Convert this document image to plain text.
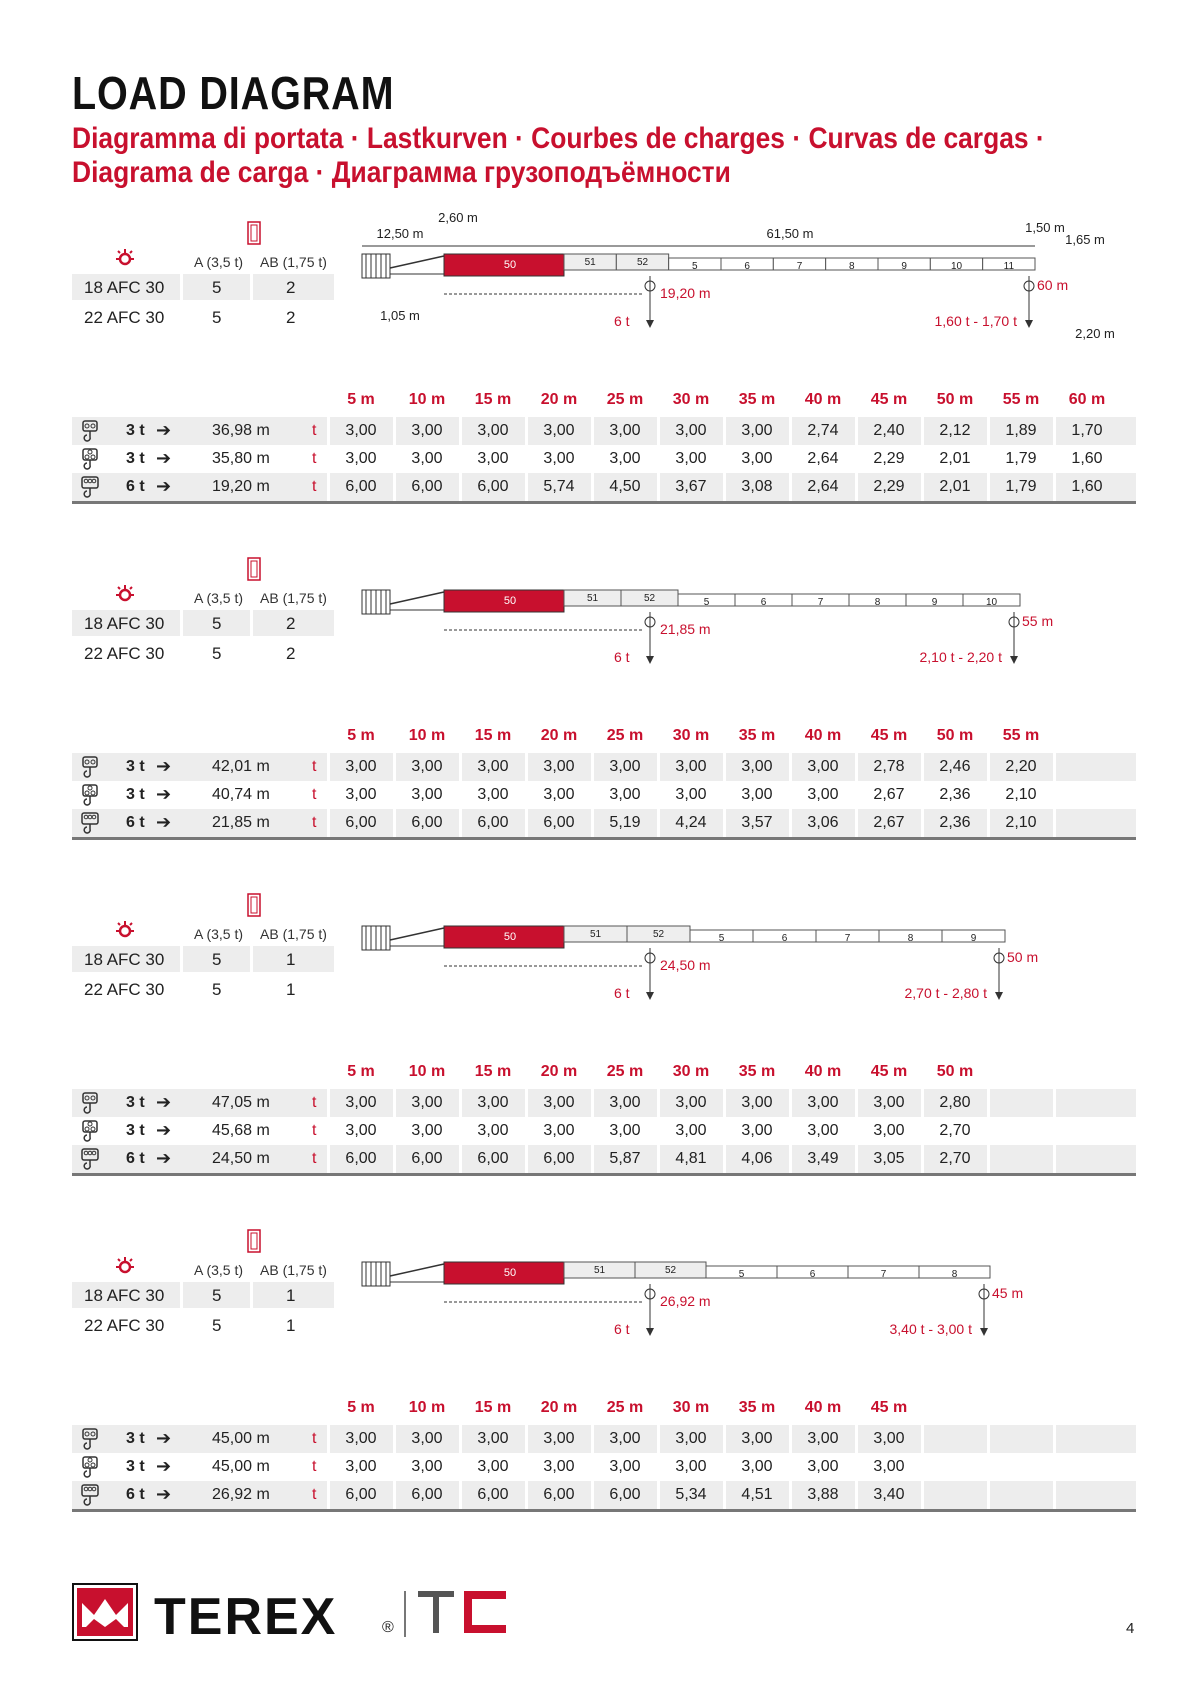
LOAD DIAGRAM
Diagramma di portata · Lastkurven · Courbes de charges · Curvas de cargas ·
Diagrama de carga · Диаграмма грузоподъёмности
A (3,5 t) AB (1,75 t)
18 AFC 30	5	2
22 AFC 30	5	2
50	51	52	5	6	7	8	9	10	11
19,20 m
6 t
60 m
1,60 t - 1,70 t
12,50 m
2,60 m
61,50 m	1,50 m
1,65 m
1,05 m
2,20 m
5 m	10 m	15 m	20 m	25 m	30 m	35 m	40 m	45 m	50 m	55 m	60 m
3 t ➔	36,98 m	t	3,00	3,00	3,00	3,00	3,00	3,00	3,00	2,74	2,40	2,12	1,89	1,70
3 t ➔	35,80 m	t	3,00	3,00	3,00	3,00	3,00	3,00	3,00	2,64	2,29	2,01	1,79	1,60
6 t ➔	19,20 m	t	6,00	6,00	6,00	5,74	4,50	3,67	3,08	2,64	2,29	2,01	1,79	1,60
A (3,5 t) AB (1,75 t)
18 AFC 30	5	2
22 AFC 30	5	2
50	51	52	5	6	7	8	9	10
21,85 m
6 t
55 m
2,10 t - 2,20 t
5 m	10 m	15 m	20 m	25 m	30 m	35 m	40 m	45 m	50 m	55 m
3 t ➔	42,01 m	t	3,00	3,00	3,00	3,00	3,00	3,00	3,00	3,00	2,78	2,46	2,20
3 t ➔	40,74 m	t	3,00	3,00	3,00	3,00	3,00	3,00	3,00	3,00	2,67	2,36	2,10
6 t ➔	21,85 m	t	6,00	6,00	6,00	6,00	5,19	4,24	3,57	3,06	2,67	2,36	2,10
A (3,5 t) AB (1,75 t)
18 AFC 30	5	1
22 AFC 30	5	1
50	51	52	5	6	7	8	9
24,50 m
6 t
50 m
2,70 t - 2,80 t
5 m	10 m	15 m	20 m	25 m	30 m	35 m	40 m	45 m	50 m
3 t ➔	47,05 m	t	3,00	3,00	3,00	3,00	3,00	3,00	3,00	3,00	3,00	2,80
3 t ➔	45,68 m	t	3,00	3,00	3,00	3,00	3,00	3,00	3,00	3,00	3,00	2,70
6 t ➔	24,50 m	t	6,00	6,00	6,00	6,00	5,87	4,81	4,06	3,49	3,05	2,70
A (3,5 t) AB (1,75 t)
18 AFC 30	5	1
22 AFC 30	5	1
50	51	52	5	6	7	8
26,92 m
6 t
45 m
3,40 t - 3,00 t
5 m	10 m	15 m	20 m	25 m	30 m	35 m	40 m	45 m
3 t ➔	45,00 m	t	3,00	3,00	3,00	3,00	3,00	3,00	3,00	3,00	3,00
3 t ➔	45,00 m	t	3,00	3,00	3,00	3,00	3,00	3,00	3,00	3,00	3,00
6 t ➔	26,92 m	t	6,00	6,00	6,00	6,00	6,00	5,34	4,51	3,88	3,40
TEREX	®	4
